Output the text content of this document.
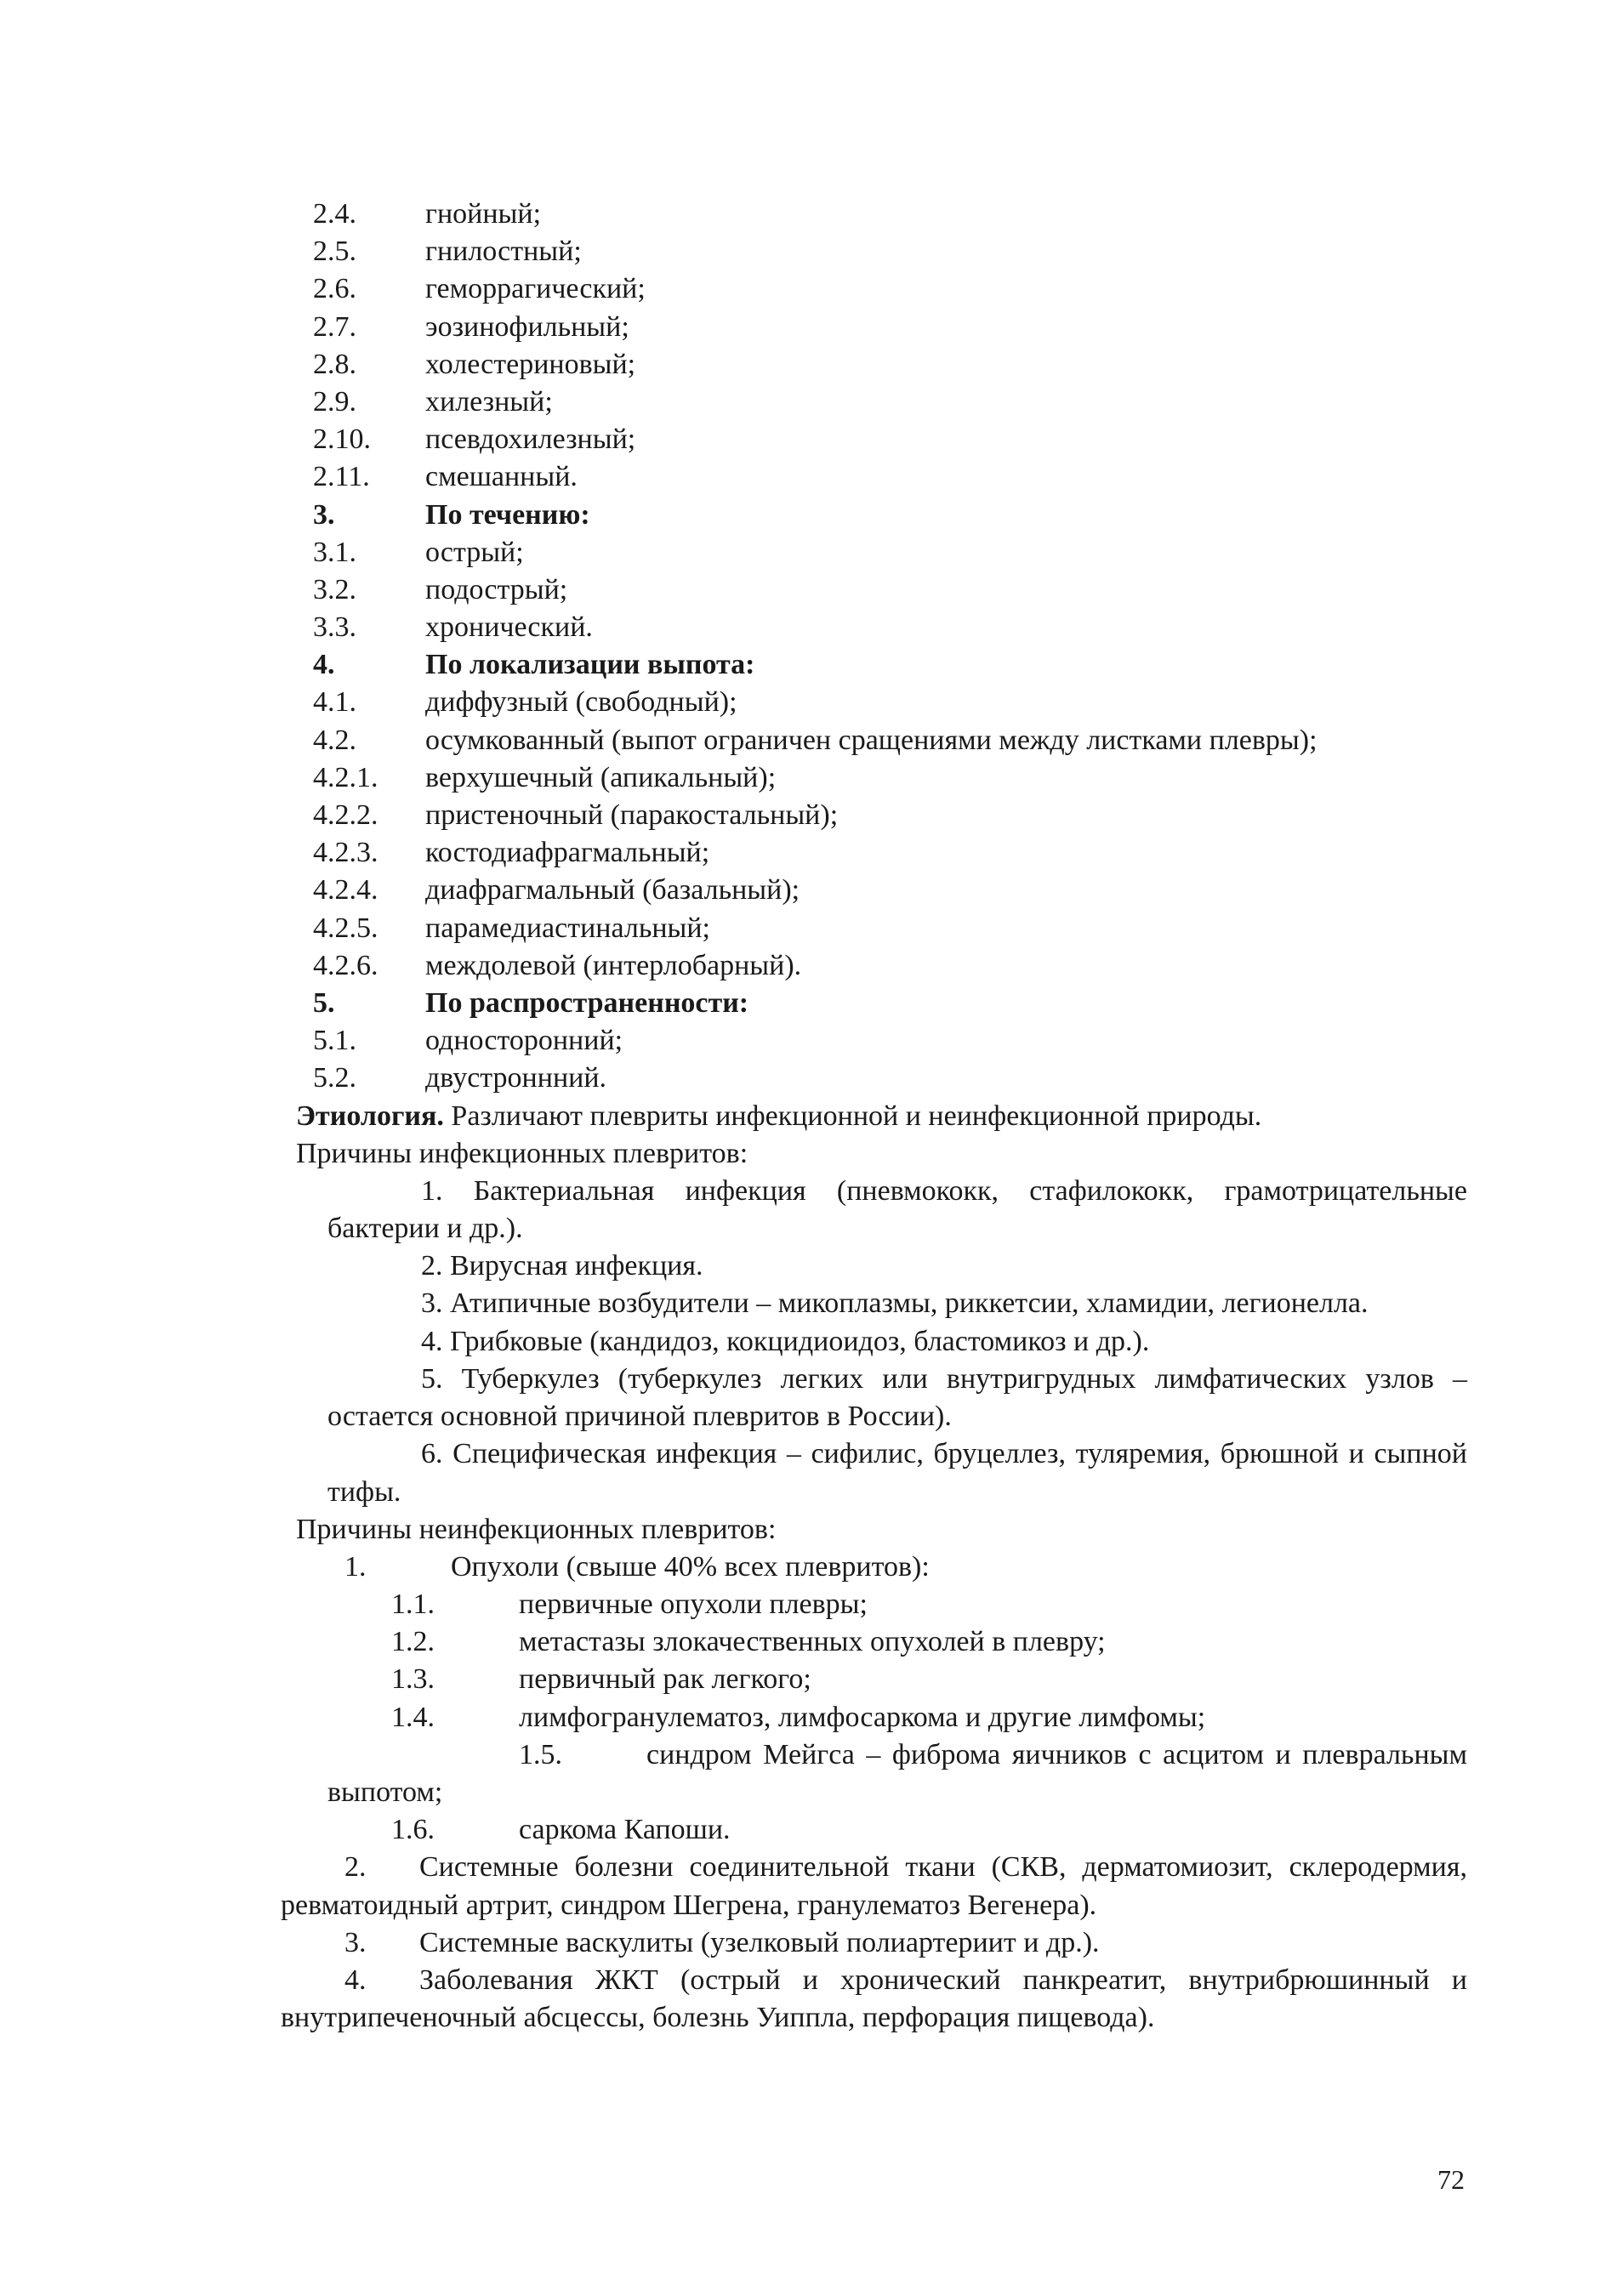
2.4.	гнойный;
2.5.	гнилостный;
2.6.	геморрагический;
2.7.	эозинофильный;
2.8.	холестериновый;
2.9.	хилезный;
2.10.	псевдохилезный;
2.11.	смешанный.
3.	По течению:
3.1.	острый;
3.2.	подострый;
3.3.	хронический.
4.	По локализации выпота:
4.1.	диффузный (свободный);
4.2.	осумкованный (выпот ограничен сращениями между листками плевры);
4.2.1.	верхушечный (апикальный);
4.2.2.	пристеночный (паракостальный);
4.2.3.	костодиафрагмальный;
4.2.4.	диафрагмальный (базальный);
4.2.5.	парамедиастинальный;
4.2.6.	междолевой (интерлобарный).
5.	По распространенности:
5.1.	односторонний;
5.2.	двустроннний.
Этиология.
Различают плевриты инфекционной и неинфекционной природы.
Причины инфекционных плевритов:
1. Бактериальная инфекция (пневмококк, стафилококк, грамотрицательные бактерии и др.).
2. Вирусная инфекция.
3. Атипичные возбудители – микоплазмы, риккетсии, хламидии, легионелла.
4. Грибковые (кандидоз, кокцидиоидоз, бластомикоз и др.).
5. Туберкулез (туберкулез легких или внутригрудных лимфатических узлов – остается основной причиной плевритов в России).
6. Специфическая инфекция – сифилис, бруцеллез, туляремия, брюшной и сыпной тифы.
Причины неинфекционных плевритов:
1.	Опухоли (свыше 40% всех плевритов):
1.1.	первичные опухоли плевры;
1.2.	метастазы злокачественных опухолей в плевру;
1.3.	первичный рак легкого;
1.4.	лимфогранулематоз, лимфосаркома и другие лимфомы;
1.5.	синдром Мейгса – фиброма яичников с асцитом и плевральным выпотом;
1.6.	саркома Капоши.
2. Системные болезни соединительной ткани (СКВ, дерматомиозит, склеродермия, ревматоидный артрит, синдром Шегрена, гранулематоз Вегенера).
3. Системные васкулиты (узелковый полиартериит и др.).
4. Заболевания ЖКТ (острый и хронический панкреатит, внутрибрюшинный и внутрипеченочный абсцессы, болезнь Уиппла, перфорация пищевода).
72
